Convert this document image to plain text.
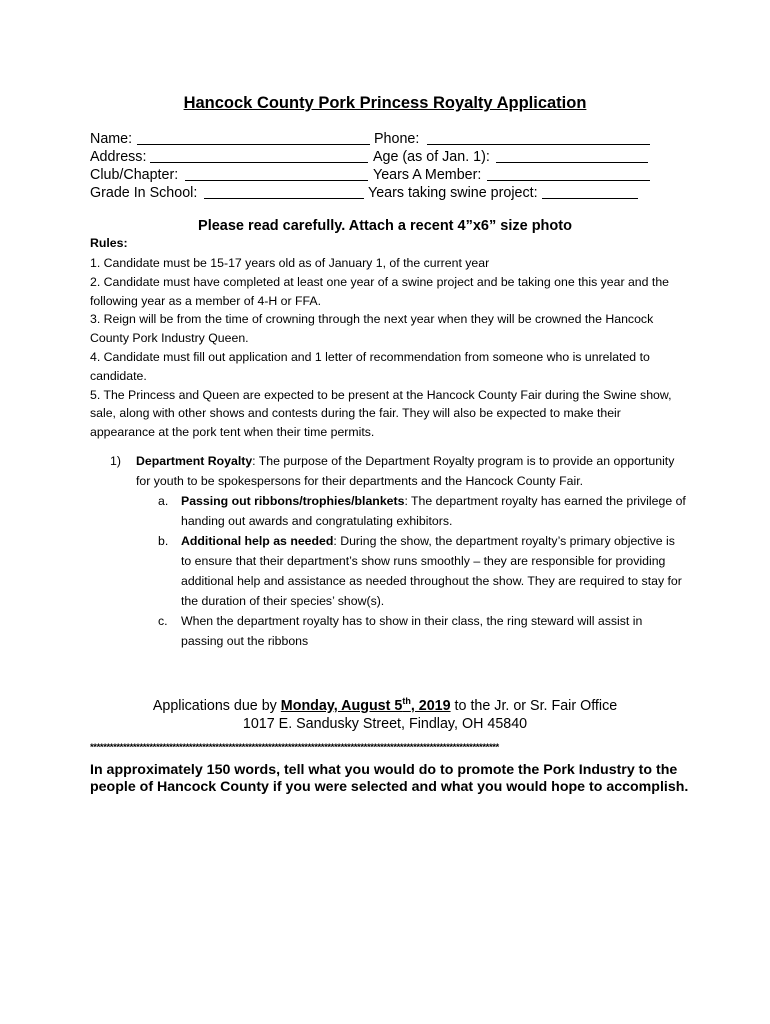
Hancock County Pork Princess Royalty Application
Name:	Phone:
Address:	Age (as of Jan. 1):
Club/Chapter:	Years A Member:
Grade In School:	Years taking swine project:
Please read carefully. Attach a recent 4”x6” size photo
Rules:

1. Candidate must be 15-17 years old as of January 1, of the current year

2. Candidate must have completed at least one year of a swine project and be taking one this year and the following year as a member of 4-H or FFA.

3. Reign will be from the time of crowning through the next year when they will be crowned the Hancock County Pork Industry Queen.

4. Candidate must fill out application and 1 letter of recommendation from someone who is unrelated to candidate.

5. The Princess and Queen are expected to be present at the Hancock County Fair during the Swine show, sale, along with other shows and contests during the fair. They will also be expected to make their appearance at the pork tent when their time permits.

1) Department Royalty: The purpose of the Department Royalty program is to provide an opportunity for youth to be spokespersons for their departments and the Hancock County Fair.
a. Passing out ribbons/trophies/blankets: The department royalty has earned the privilege of handing out awards and congratulating exhibitors.
b. Additional help as needed: During the show, the department royalty’s primary objective is to ensure that their department’s show runs smoothly – they are responsible for providing additional help and assistance as needed throughout the show. They are required to stay for the duration of their species’ show(s).
c. When the department royalty has to show in their class, the ring steward will assist in passing out the ribbons
Applications due by Monday, August 5th, 2019 to the Jr. or Sr. Fair Office
1017 E. Sandusky Street, Findlay, OH 45840
****************************************************************************************************************************
In approximately 150 words, tell what you would do to promote the Pork Industry to the people of Hancock County if you were selected and what you would hope to accomplish.
